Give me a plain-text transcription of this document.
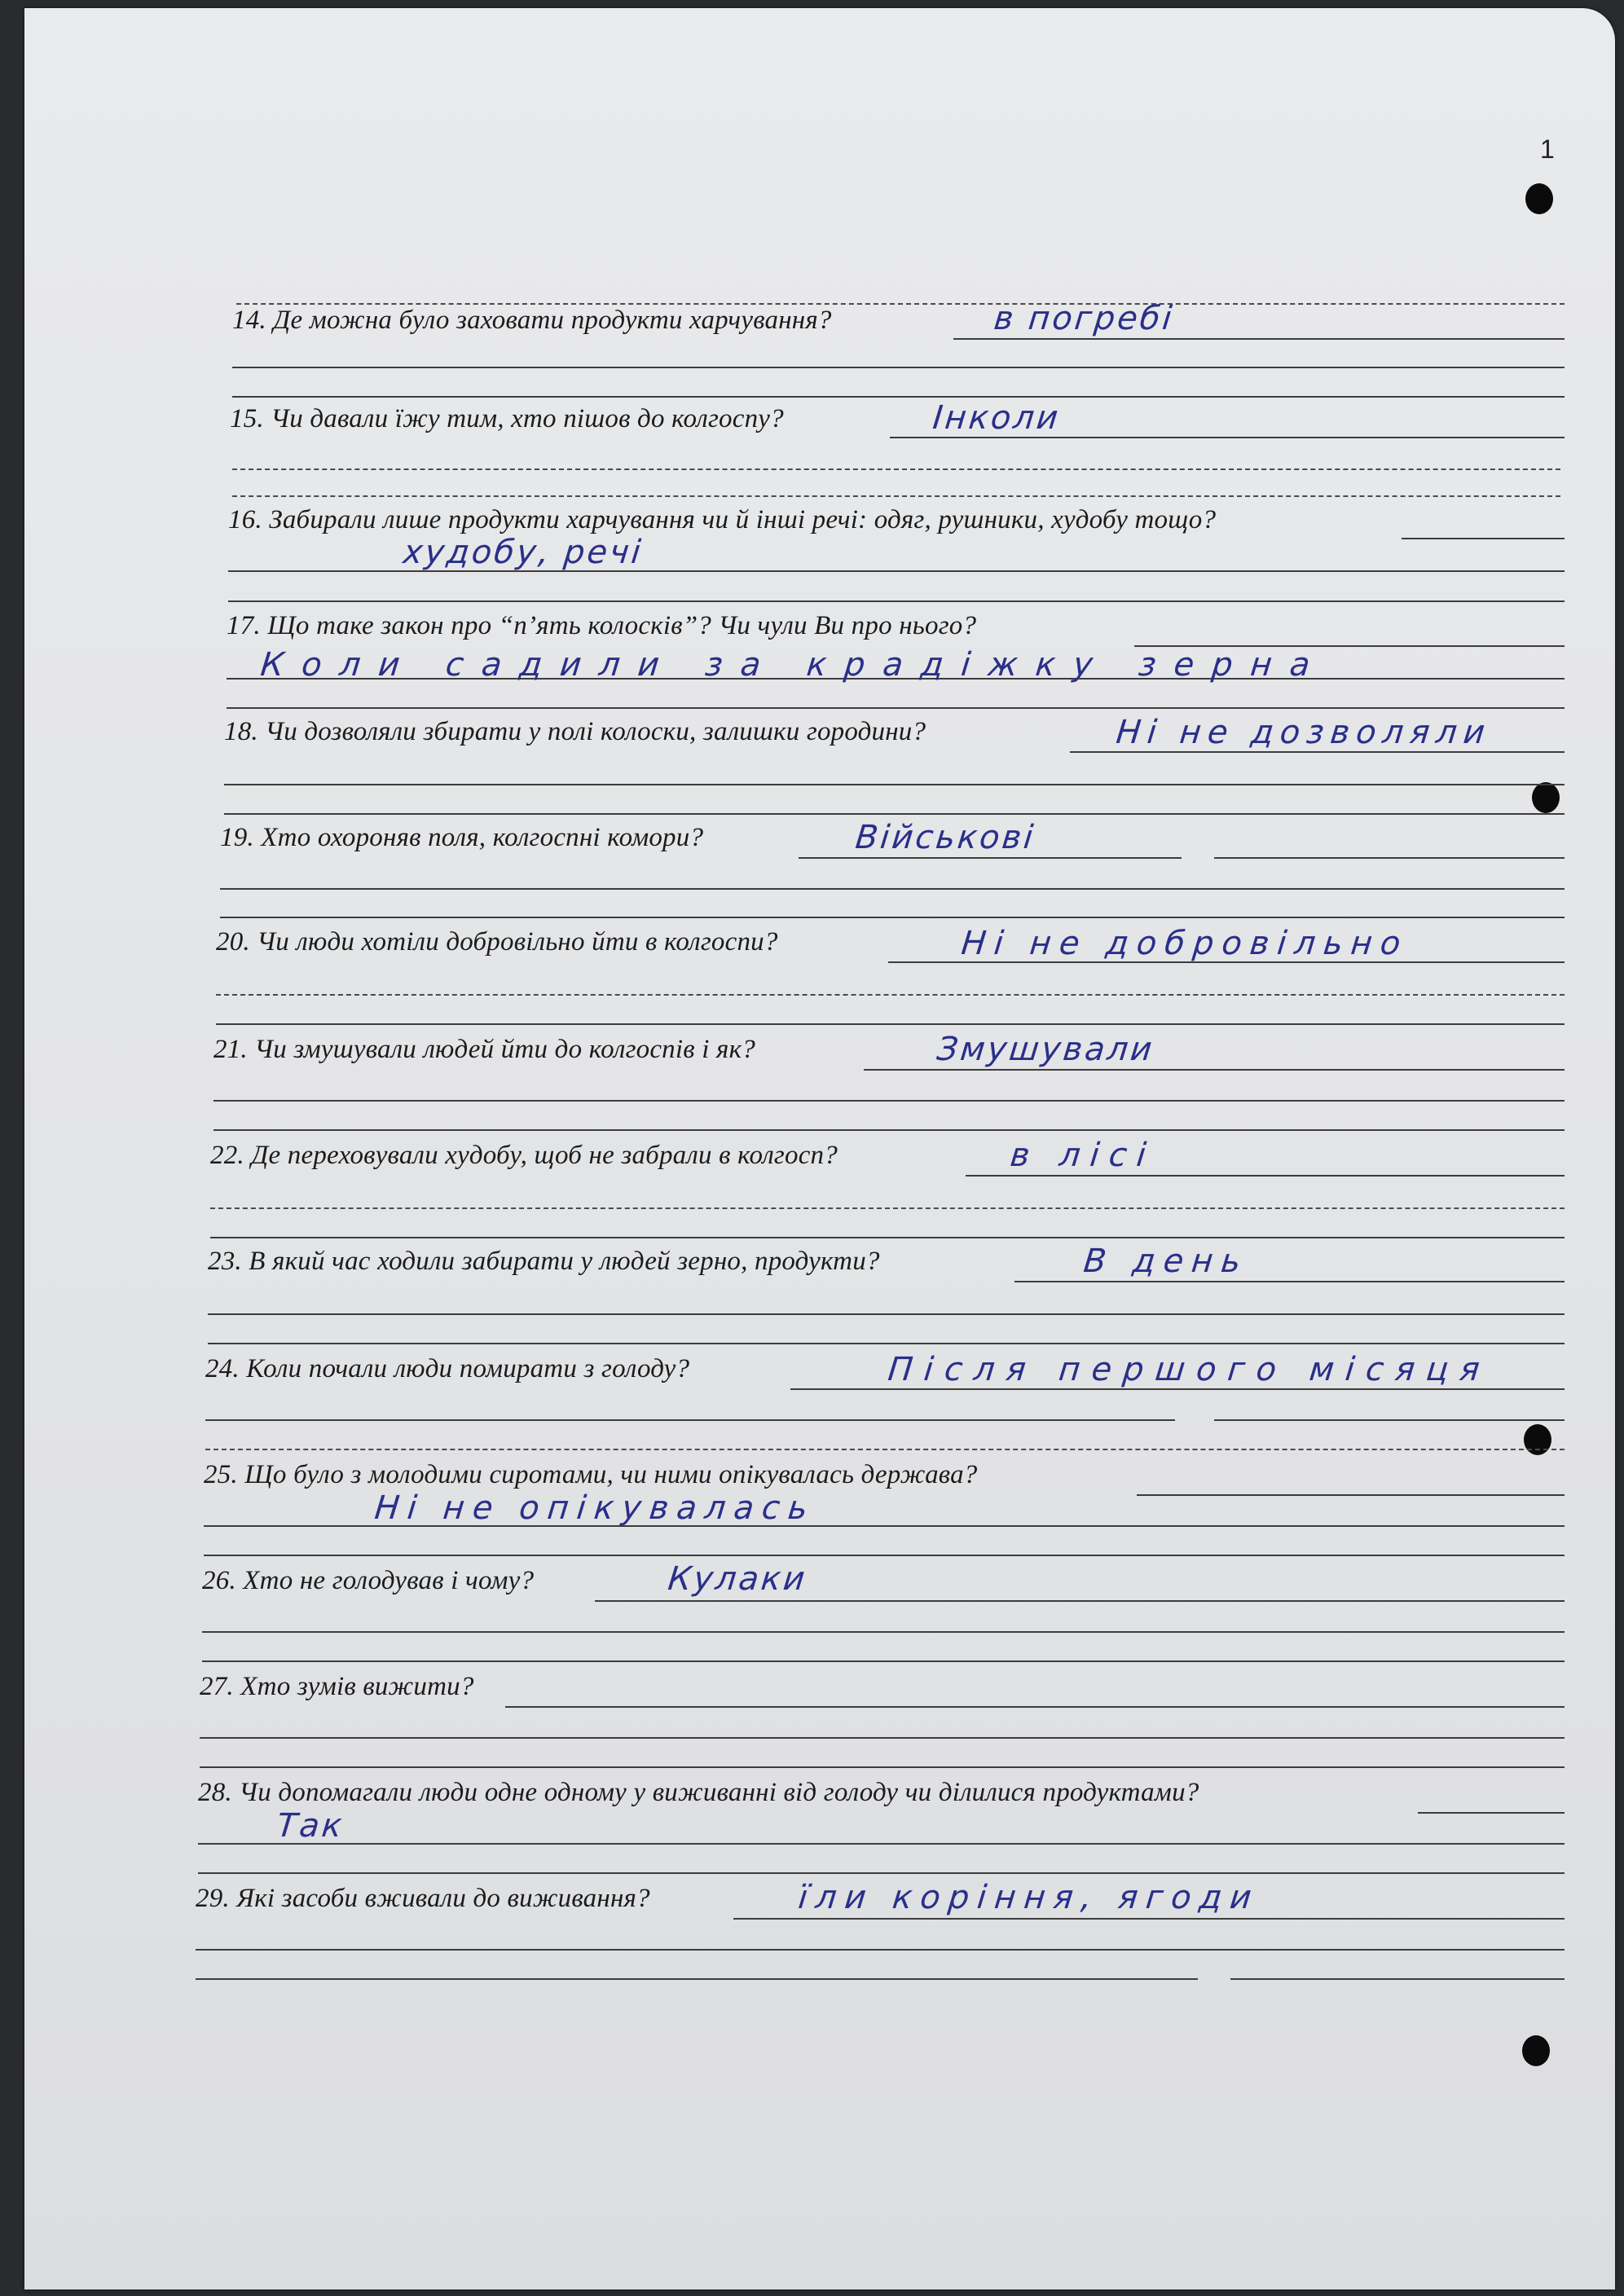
1
14. Де можна було заховати продукти харчування?	в погребі
15. Чи давали їжу тим, хто пішов до колгоспу?	Інколи
16. Забирали лише продукти харчування чи й інші речі: одяг, рушники, худобу тощо?
худобу, речі
17. Що таке закон про “п’ять колосків”? Чи чули Ви про нього?
Коли садили за крадіжку зерна
18. Чи дозволяли збирати у полі колоски, залишки городини?	Ні не дозволяли
19. Хто охороняв поля, колгоспні комори?	Військові
20. Чи люди хотіли добровільно йти в колгоспи?	Ні не добровільно
21. Чи змушували людей йти до колгоспів і як?	Змушували
22. Де переховували худобу, щоб не забрали в колгосп?	в лісі
23. В який час ходили забирати у людей зерно, продукти?	В день
24. Коли почали люди помирати з голоду?	Після першого місяця
25. Що було з молодими сиротами, чи ними опікувалась держава?
Ні не опікувалась
26. Хто не голодував і чому?	Кулаки
27. Хто зумів вижити?
28. Чи допомагали люди одне одному у виживанні від голоду чи ділилися продуктами?
Так
29. Які засоби вживали до виживання?	їли коріння, ягоди
